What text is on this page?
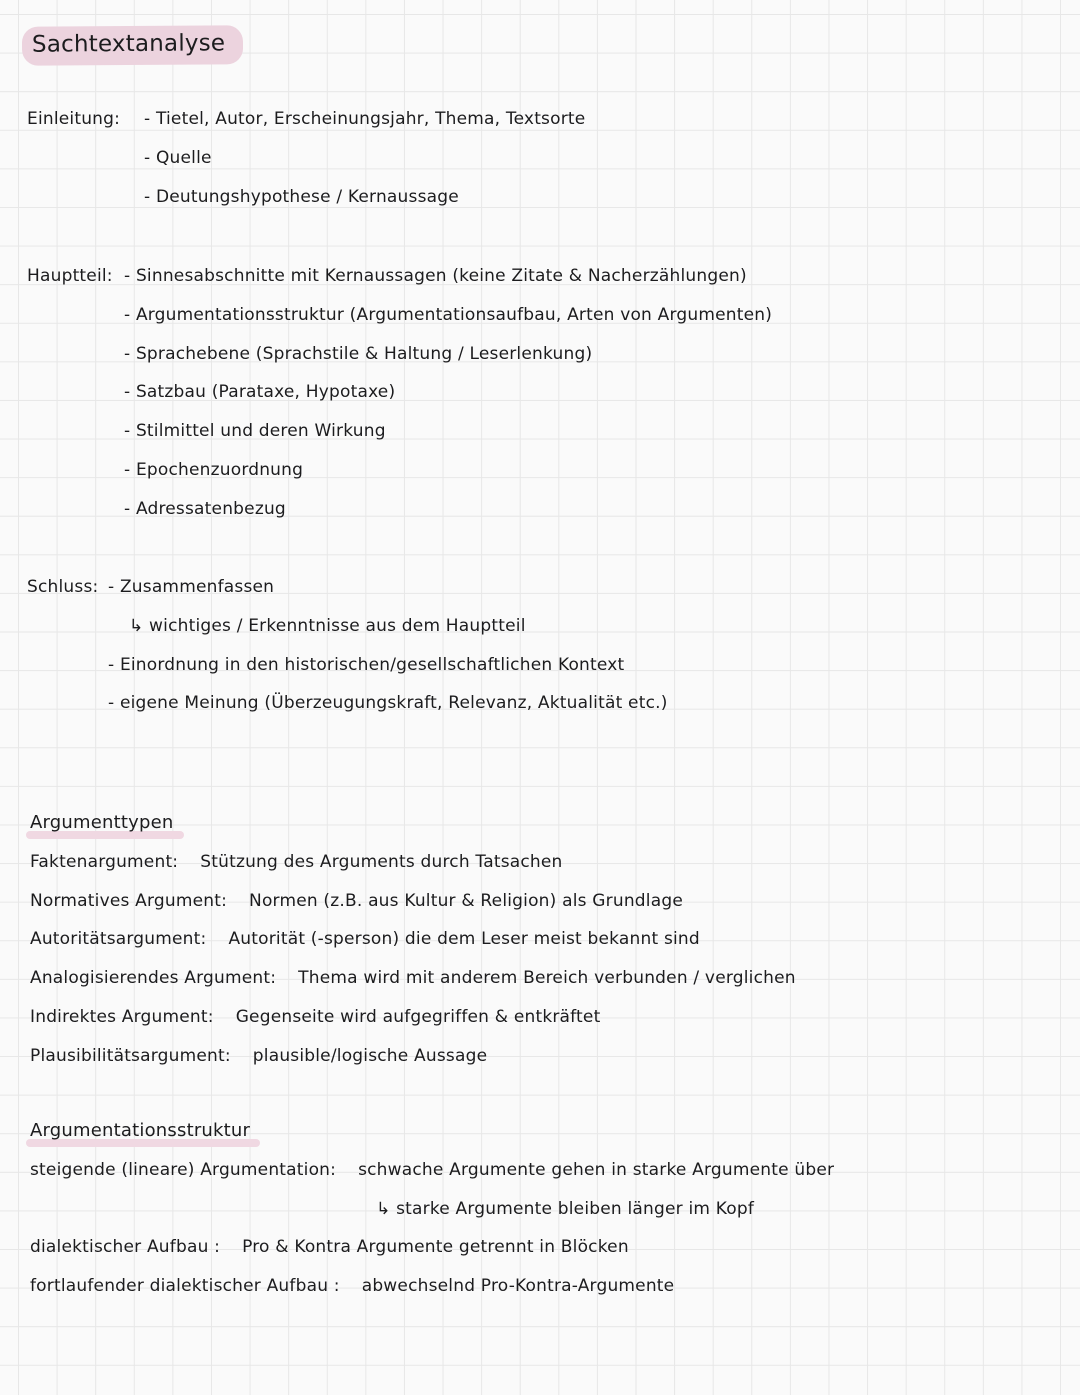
Sachtextanalyse
Einleitung:	- Tietel, Autor, Erscheinungsjahr, Thema, Textsorte
- Quelle
- Deutungshypothese / Kernaussage
Hauptteil: - Sinnesabschnitte mit Kernaussagen (keine Zitate & Nacherzählungen)
- Argumentationsstruktur (Argumentationsaufbau, Arten von Argumenten)
- Sprachebene (Sprachstile & Haltung / Leserlenkung)
- Satzbau (Parataxe, Hypotaxe)
- Stilmittel und deren Wirkung
- Epochenzuordnung
- Adressatenbezug
Schluss: - Zusammenfassen
↳ wichtiges / Erkenntnisse aus dem Hauptteil
- Einordnung in den historischen/gesellschaftlichen Kontext
- eigene Meinung (Überzeugungskraft, Relevanz, Aktualität etc.)
Argumenttypen
Faktenargument: Stützung des Arguments durch Tatsachen
Normatives Argument: Normen (z.B. aus Kultur & Religion) als Grundlage
Autoritätsargument: Autorität (-sperson) die dem Leser meist bekannt sind
Analogisierendes Argument: Thema wird mit anderem Bereich verbunden / verglichen
Indirektes Argument: Gegenseite wird aufgegriffen & entkräftet
Plausibilitätsargument: plausible/logische Aussage
Argumentationsstruktur
steigende (lineare) Argumentation: schwache Argumente gehen in starke Argumente über
↳ starke Argumente bleiben länger im Kopf
dialektischer Aufbau : Pro & Kontra Argumente getrennt in Blöcken
fortlaufender dialektischer Aufbau : abwechselnd Pro-Kontra-Argumente
